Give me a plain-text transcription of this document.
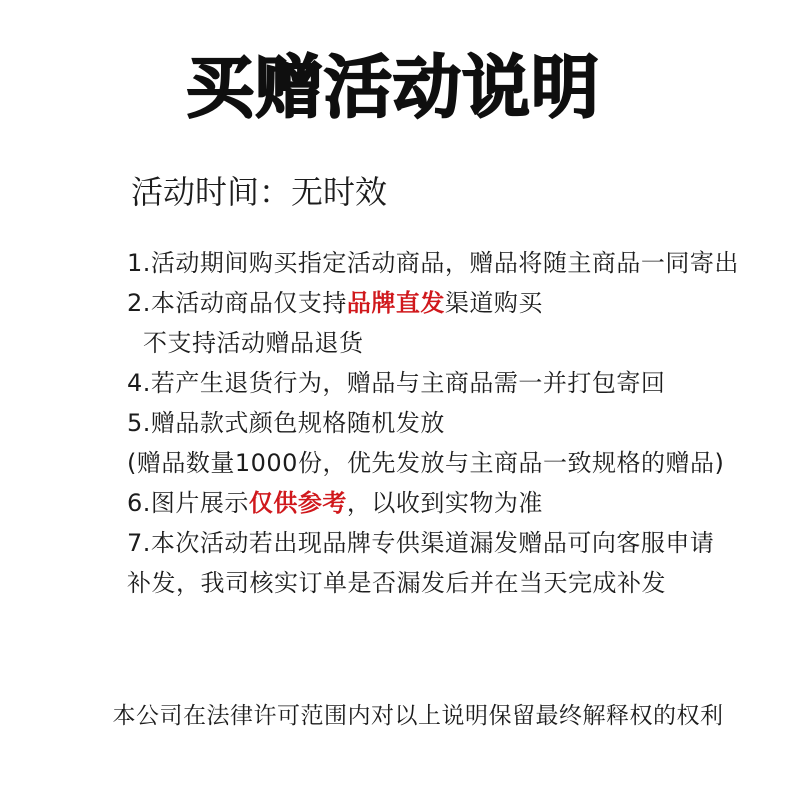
买赠活动说明
活动时间：无时效
1.活动期间购买指定活动商品，赠品将随主商品一同寄出
2.本活动商品仅支持品牌直发渠道购买
不支持活动赠品退货
4.若产生退货行为，赠品与主商品需一并打包寄回
5.赠品款式颜色规格随机发放
(赠品数量1000份，优先发放与主商品一致规格的赠品)
6.图片展示仅供参考，以收到实物为准
7.本次活动若出现品牌专供渠道漏发赠品可向客服申请
补发，我司核实订单是否漏发后并在当天完成补发
本公司在法律许可范围内对以上说明保留最终解释权的权利
